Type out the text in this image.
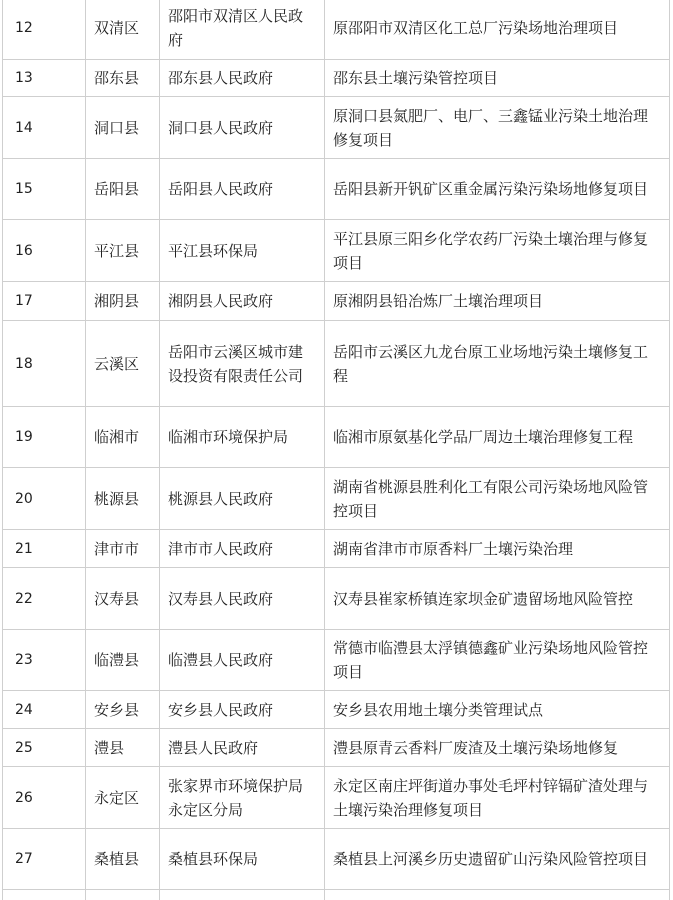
12	双清区	邵阳市双清区人民政府	原邵阳市双清区化工总厂污染场地治理项目
13	邵东县	邵东县人民政府	邵东县土壤污染管控项目
14	洞口县	洞口县人民政府	原洞口县氮肥厂、电厂、三鑫锰业污染土地治理修复项目
15	岳阳县	岳阳县人民政府	岳阳县新开钒矿区重金属污染污染场地修复项目
16	平江县	平江县环保局	平江县原三阳乡化学农药厂污染土壤治理与修复项目
17	湘阴县	湘阴县人民政府	原湘阴县铅冶炼厂土壤治理项目
18	云溪区	岳阳市云溪区城市建设投资有限责任公司	岳阳市云溪区九龙台原工业场地污染土壤修复工程
19	临湘市	临湘市环境保护局	临湘市原氨基化学品厂周边土壤治理修复工程
20	桃源县	桃源县人民政府	湖南省桃源县胜利化工有限公司污染场地风险管控项目
21	津市市	津市市人民政府	湖南省津市市原香料厂土壤污染治理
22	汉寿县	汉寿县人民政府	汉寿县崔家桥镇连家坝金矿遗留场地风险管控
23	临澧县	临澧县人民政府	常德市临澧县太浮镇德鑫矿业污染场地风险管控项目
24	安乡县	安乡县人民政府	安乡县农用地土壤分类管理试点
25	澧县	澧县人民政府	澧县原青云香料厂废渣及土壤污染场地修复
26	永定区	张家界市环境保护局永定区分局	永定区南庄坪街道办事处毛坪村锌镉矿渣处理与土壤污染治理修复项目
27	桑植县	桑植县环保局	桑植县上河溪乡历史遗留矿山污染风险管控项目
